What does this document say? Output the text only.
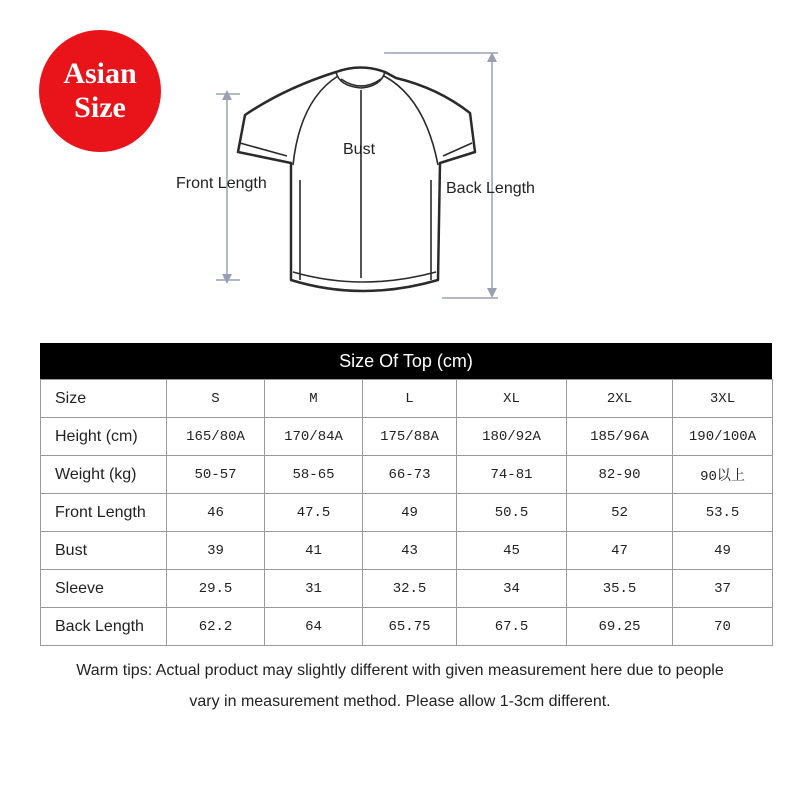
Asian
Size
Bust
Front Length	Back Length
Size Of Top (cm)
Size	S	M	L	XL	2XL	3XL
Height (cm)	165/80A	170/84A	175/88A	180/92A	185/96A	190/100A
Weight (kg)	50-57	58-65	66-73	74-81	82-90	90以上
Front Length	46	47.5	49	50.5	52	53.5
Bust	39	41	43	45	47	49
Sleeve	29.5	31	32.5	34	35.5	37
Back Length	62.2	64	65.75	67.5	69.25	70
Warm tips: Actual product may slightly different with given measurement here due to people
vary in measurement method. Please allow 1-3cm different.
